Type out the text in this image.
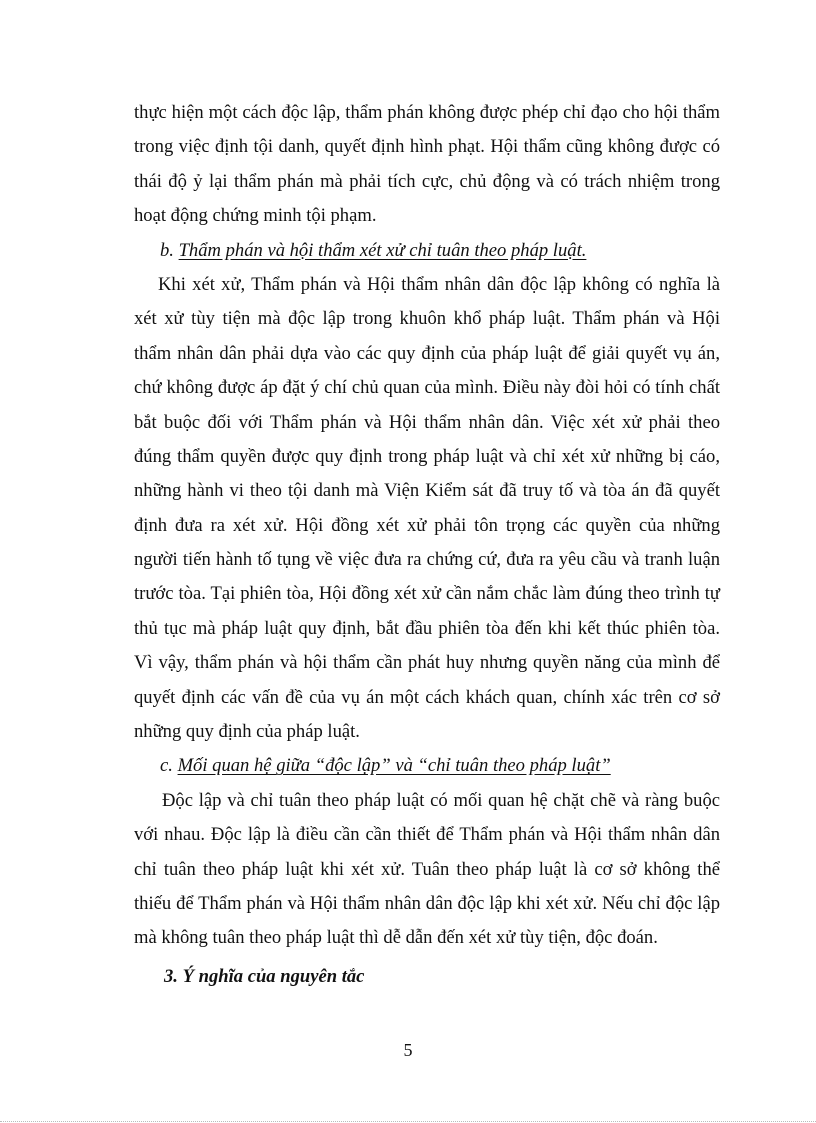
thực hiện một cách độc lập, thẩm phán không được phép chỉ đạo cho hội thẩm
trong việc định tội danh, quyết định hình phạt. Hội thẩm cũng không được có
thái độ ỷ lại thẩm phán mà phải tích cực, chủ động và có trách nhiệm trong
hoạt động chứng minh tội phạm.
b. Thẩm phán và hội thẩm xét xử chỉ tuân theo pháp luật.
Khi xét xử, Thẩm phán và Hội thẩm nhân dân độc lập không có nghĩa là
xét xử tùy tiện mà độc lập trong khuôn khổ pháp luật. Thẩm phán và Hội
thẩm nhân dân phải dựa vào các quy định của pháp luật để giải quyết vụ án,
chứ không được áp đặt ý chí chủ quan của mình. Điều này đòi hỏi có tính chất
bắt buộc đối với Thẩm phán và Hội thẩm nhân dân. Việc xét xử phải theo
đúng thẩm quyền được quy định trong pháp luật và chỉ xét xử những bị cáo,
những hành vi theo tội danh mà Viện Kiểm sát đã truy tố và tòa án đã quyết
định đưa ra xét xử. Hội đồng xét xử phải tôn trọng các quyền của những
người tiến hành tố tụng về việc đưa ra chứng cứ, đưa ra yêu cầu và tranh luận
trước tòa. Tại phiên tòa, Hội đồng xét xử cần nắm chắc làm đúng theo trình tự
thủ tục mà pháp luật quy định, bắt đầu phiên tòa đến khi kết thúc phiên tòa.
Vì vậy, thẩm phán và hội thẩm cần phát huy nhưng quyền năng của mình để
quyết định các vấn đề của vụ án một cách khách quan, chính xác trên cơ sở
những quy định của pháp luật.
c. Mối quan hệ giữa “độc lập” và “chỉ tuân theo pháp luật”
Độc lập và chỉ tuân theo pháp luật có mối quan hệ chặt chẽ và ràng buộc
với nhau. Độc lập là điều cần cần thiết để Thẩm phán và Hội thẩm nhân dân
chỉ tuân theo pháp luật khi xét xử. Tuân theo pháp luật là cơ sở không thể
thiếu để Thẩm phán và Hội thẩm nhân dân độc lập khi xét xử. Nếu chỉ độc lập
mà không tuân theo pháp luật thì dễ dẫn đến xét xử tùy tiện, độc đoán.
3. Ý nghĩa của nguyên tắc
5
